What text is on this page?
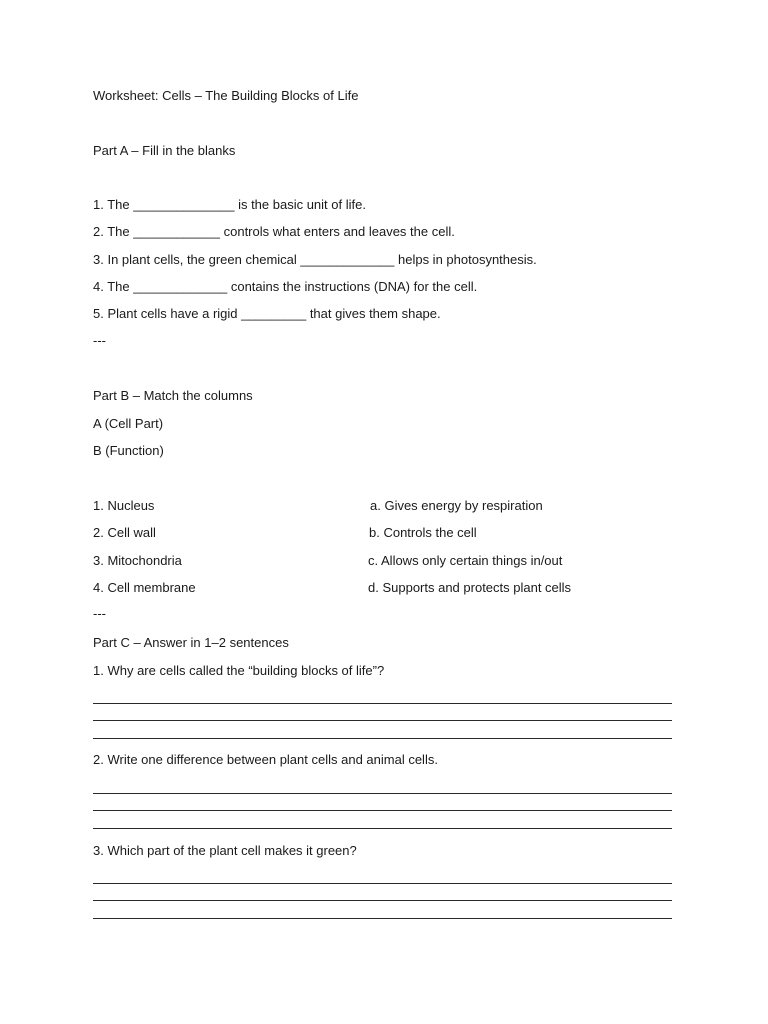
Worksheet: Cells – The Building Blocks of Life
Part A – Fill in the blanks
1. The ______________ is the basic unit of life.
2. The ____________ controls what enters and leaves the cell.
3. In plant cells, the green chemical _____________ helps in photosynthesis.
4. The _____________ contains the instructions (DNA) for the cell.
5. Plant cells have a rigid _________ that gives them shape.
---
Part B – Match the columns
A (Cell Part)
B (Function)
1. Nucleus
2. Cell wall
3. Mitochondria
4. Cell membrane
a. Gives energy by respiration
b. Controls the cell
c. Allows only certain things in/out
d. Supports and protects plant cells
---
Part C – Answer in 1–2 sentences
1. Why are cells called the “building blocks of life”?
2. Write one difference between plant cells and animal cells.
3. Which part of the plant cell makes it green?
